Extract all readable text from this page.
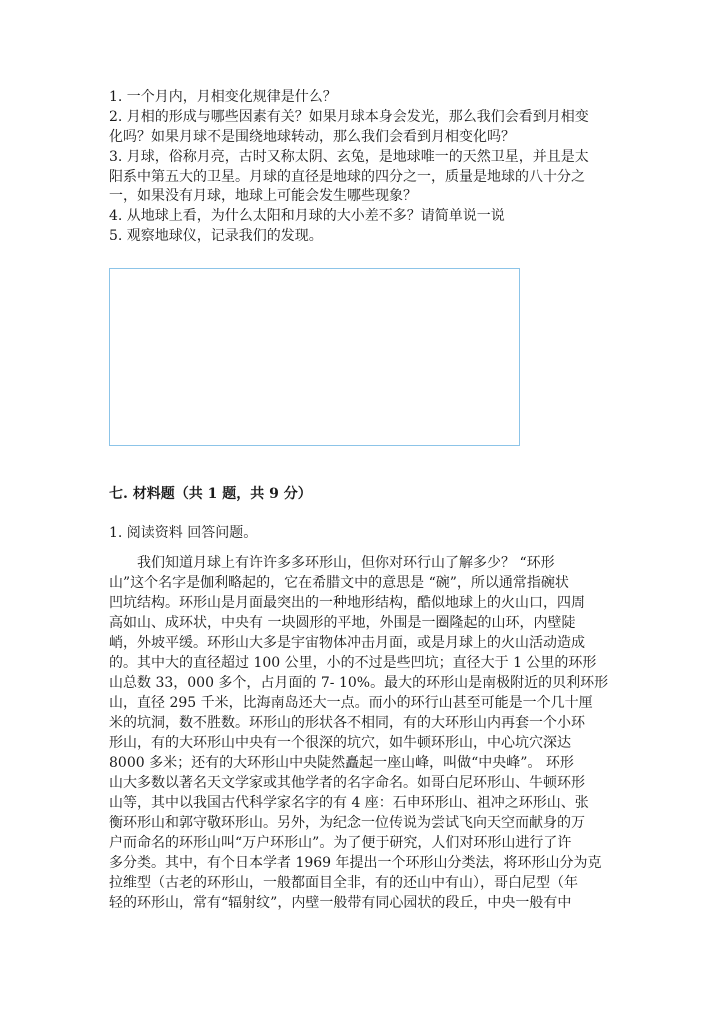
1. 一个月内，月相变化规律是什么？
2. 月相的形成与哪些因素有关？如果月球本身会发光，那么我们会看到月相变
化吗？如果月球不是围绕地球转动，那么我们会看到月相变化吗？
3. 月球，俗称月亮，古时又称太阴、玄兔，是地球唯一的天然卫星，并且是太
阳系中第五大的卫星。月球的直径是地球的四分之一，质量是地球的八十分之
一，如果没有月球，地球上可能会发生哪些现象？
4. 从地球上看，为什么太阳和月球的大小差不多？请简单说一说
5. 观察地球仪，记录我们的发现。
七. 材料题（共 1 题，共 9 分）
1. 阅读资料 回答问题。
　　我们知道月球上有许许多多环形山，但你对环行山了解多少？ “环形
山”这个名字是伽利略起的，它在希腊文中的意思是 “碗”，所以通常指碗状
凹坑结构。环形山是月面最突出的一种地形结构，酷似地球上的火山口，四周
高如山、成环状，中央有 一块圆形的平地，外围是一圈隆起的山环，内壁陡
峭，外坡平缓。环形山大多是宇宙物体冲击月面，或是月球上的火山活动造成
的。其中大的直径超过 100 公里，小的不过是些凹坑；直径大于 1 公里的环形
山总数 33，000 多个，占月面的 7- 10%。最大的环形山是南极附近的贝利环形
山，直径 295 千米，比海南岛还大一点。而小的环行山甚至可能是一个几十厘
米的坑洞，数不胜数。环形山的形状各不相同，有的大环形山内再套一个小环
形山，有的大环形山中央有一个很深的坑穴，如牛顿环形山，中心坑穴深达
8000 多米；还有的大环形山中央陡然矗起一座山峰，叫做“中央峰”。 环形
山大多数以著名天文学家或其他学者的名字命名。如哥白尼环形山、牛顿环形
山等，其中以我国古代科学家名字的有 4 座：石申环形山、祖冲之环形山、张
衡环形山和郭守敬环形山。另外，为纪念一位传说为尝试飞向天空而献身的万
户而命名的环形山叫“万户环形山”。为了便于研究，人们对环形山进行了许
多分类。其中，有个日本学者 1969 年提出一个环形山分类法，将环形山分为克
拉维型（古老的环形山，一般都面目全非，有的还山中有山），哥白尼型（年
轻的环形山，常有“辐射纹”，内壁一般带有同心园状的段丘，中央一般有中
